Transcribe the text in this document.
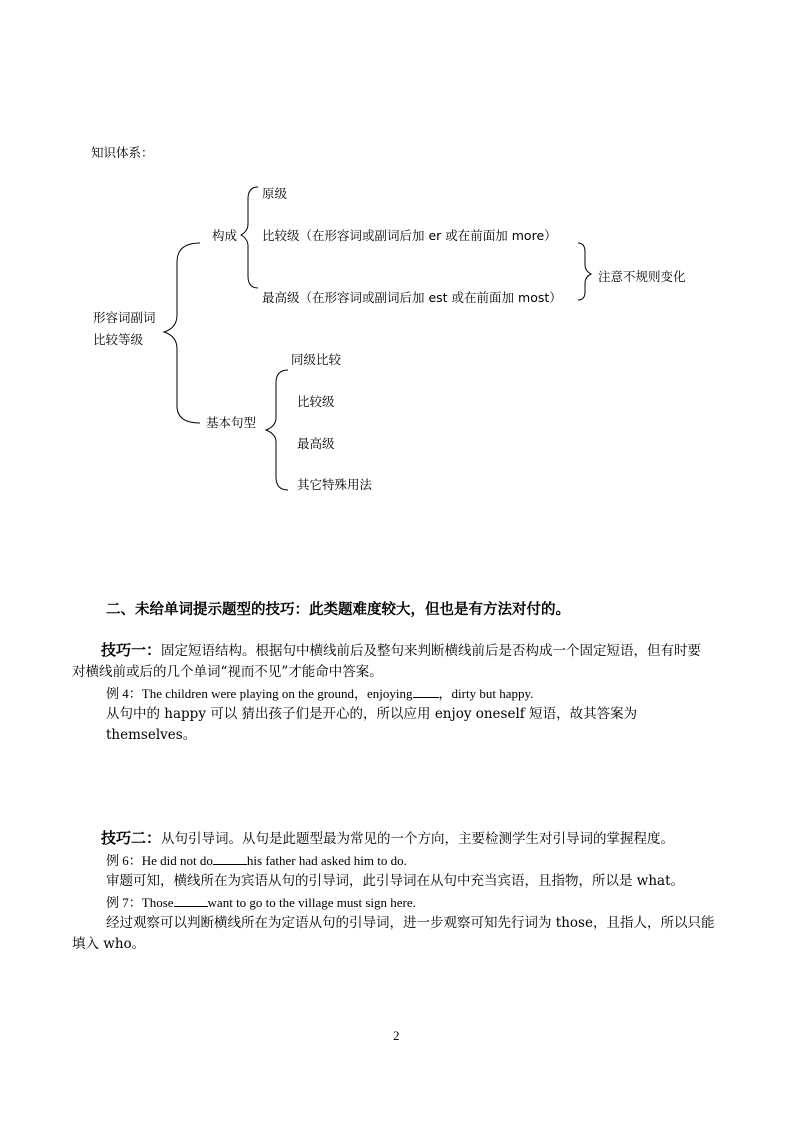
知识体系：
形容词副词
比较等级
构成
原级
比较级（在形容词或副词后加 er 或在前面加 more）
最高级（在形容词或副词后加 est 或在前面加 most）
注意不规则变化
基本句型
同级比较
比较级
最高级
其它特殊用法
二、未给单词提示题型的技巧：此类题难度较大，但也是有方法对付的。
技巧一：固定短语结构。根据句中横线前后及整句来判断横线前后是否构成一个固定短语，但有时要
对横线前或后的几个单词“视而不见”才能命中答案。
例 4：The children were playing on the ground，enjoying ，dirty but happy.
从句中的 happy 可以 猜出孩子们是开心的，所以应用 enjoy oneself 短语，故其答案为 themselves。
技巧二：从句引导词。从句是此题型最为常见的一个方向，主要检测学生对引导词的掌握程度。
例 6：He did not do	his father had asked him to do.
审题可知，横线所在为宾语从句的引导词，此引导词在从句中充当宾语，且指物，所以是 what。
例 7：Those	want to go to the village must sign here.
经过观察可以判断横线所在为定语从句的引导词，进一步观察可知先行词为 those，且指人，所以只能
填入 who。
2
